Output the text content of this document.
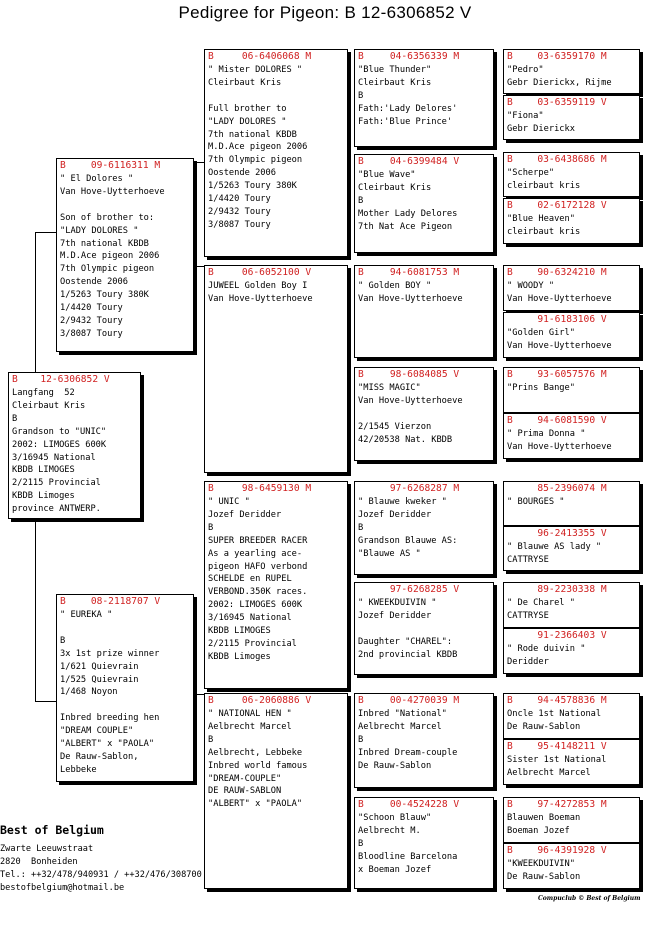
Pedigree for Pigeon: B 12-6306852 V
B	12-6306852 V
Langfang  52
Cleirbaut Kris
B
Grandson to "UNIC"
2002: LIMOGES 600K
3/16945 National
KBDB LIMOGES
2/2115 Provincial
KBDB Limoges
province ANTWERP.
B	09-6116311 M
" El Dolores "
Van Hove-Uytterhoeve

Son of brother to:
"LADY DOLORES "
7th national KBDB
M.D.Ace pigeon 2006
7th Olympic pigeon
Oostende 2006
1/5263 Toury 380K
1/4420 Toury
2/9432 Toury
3/8087 Toury
B	08-2118707 V
" EUREKA "

B
3x 1st prize winner
1/621 Quievrain
1/525 Quievrain
1/468 Noyon

Inbred breeding hen
"DREAM COUPLE"
"ALBERT" x "PAOLA"
De Rauw-Sablon,
Lebbeke
B	06-6406068 M
" Mister DOLORES "
Cleirbaut Kris

Full brother to
"LADY DOLORES "
7th national KBDB
M.D.Ace pigeon 2006
7th Olympic pigeon
Oostende 2006
1/5263 Toury 380K
1/4420 Toury
2/9432 Toury
3/8087 Toury
B	06-6052100 V
JUWEEL Golden Boy I
Van Hove-Uytterhoeve
B	98-6459130 M
" UNIC "
Jozef Deridder
B
SUPER BREEDER RACER
As a yearling ace-
pigeon HAFO verbond
SCHELDE en RUPEL
VERBOND.350K races.
2002: LIMOGES 600K
3/16945 National
KBDB LIMOGES
2/2115 Provincial
KBDB Limoges
B	06-2060886 V
" NATIONAL HEN "
Aelbrecht Marcel
B
Aelbrecht, Lebbeke
Inbred world famous
"DREAM-COUPLE"
DE RAUW-SABLON
"ALBERT" x "PAOLA"
B	04-6356339 M
"Blue Thunder"
Cleirbaut Kris
B
Fath:'Lady Delores'
Fath:'Blue Prince'
B	04-6399484 V
"Blue Wave"
Cleirbaut Kris
B
Mother Lady Delores
7th Nat Ace Pigeon
B	94-6081753 M
" Golden BOY "
Van Hove-Uytterhoeve
B	98-6084085 V
"MISS MAGIC"
Van Hove-Uytterhoeve

2/1545 Vierzon
42/20538 Nat. KBDB
97-6268287 M
" Blauwe kweker "
Jozef Deridder
B
Grandson Blauwe AS:
"Blauwe AS "
97-6268285 V
" KWEEKDUIVIN "
Jozef Deridder

Daughter "CHAREL":
2nd provincial KBDB
B	00-4270039 M
Inbred "National"
Aelbrecht Marcel
B
Inbred Dream-couple
De Rauw-Sablon
B	00-4524228 V
"Schoon Blauw"
Aelbrecht M.
B
Bloodline Barcelona
x Boeman Jozef
B	03-6359170 M
"Pedro"
Gebr Dierickx, Rijme
B	03-6359119 V
"Fiona"
Gebr Dierickx
B	03-6438686 M
"Scherpe"
cleirbaut kris
B	02-6172128 V
"Blue Heaven"
cleirbaut kris
B	90-6324210 M
" WOODY "
Van Hove-Uytterhoeve
91-6183106 V
"Golden Girl"
Van Hove-Uytterhoeve
B	93-6057576 M
"Prins Bange"
B	94-6081590 V
" Prima Donna "
Van Hove-Uytterhoeve
85-2396074 M
" BOURGES "
96-2413355 V
" Blauwe AS lady "
CATTRYSE
89-2230338 M
" De Charel "
CATTRYSE
91-2366403 V
" Rode duivin "
Deridder
B	94-4578836 M
Oncle 1st National
De Rauw-Sablon
B	95-4148211 V
Sister 1st National
Aelbrecht Marcel
B	97-4272853 M
Blauwen Boeman
Boeman Jozef
B	96-4391928 V
"KWEEKDUIVIN"
De Rauw-Sablon
Best of Belgium
Zwarte Leeuwstraat
2820  Bonheiden
Tel.: ++32/478/940931 / ++32/476/308700
bestofbelgium@hotmail.be
Compuclub © Best of Belgium
